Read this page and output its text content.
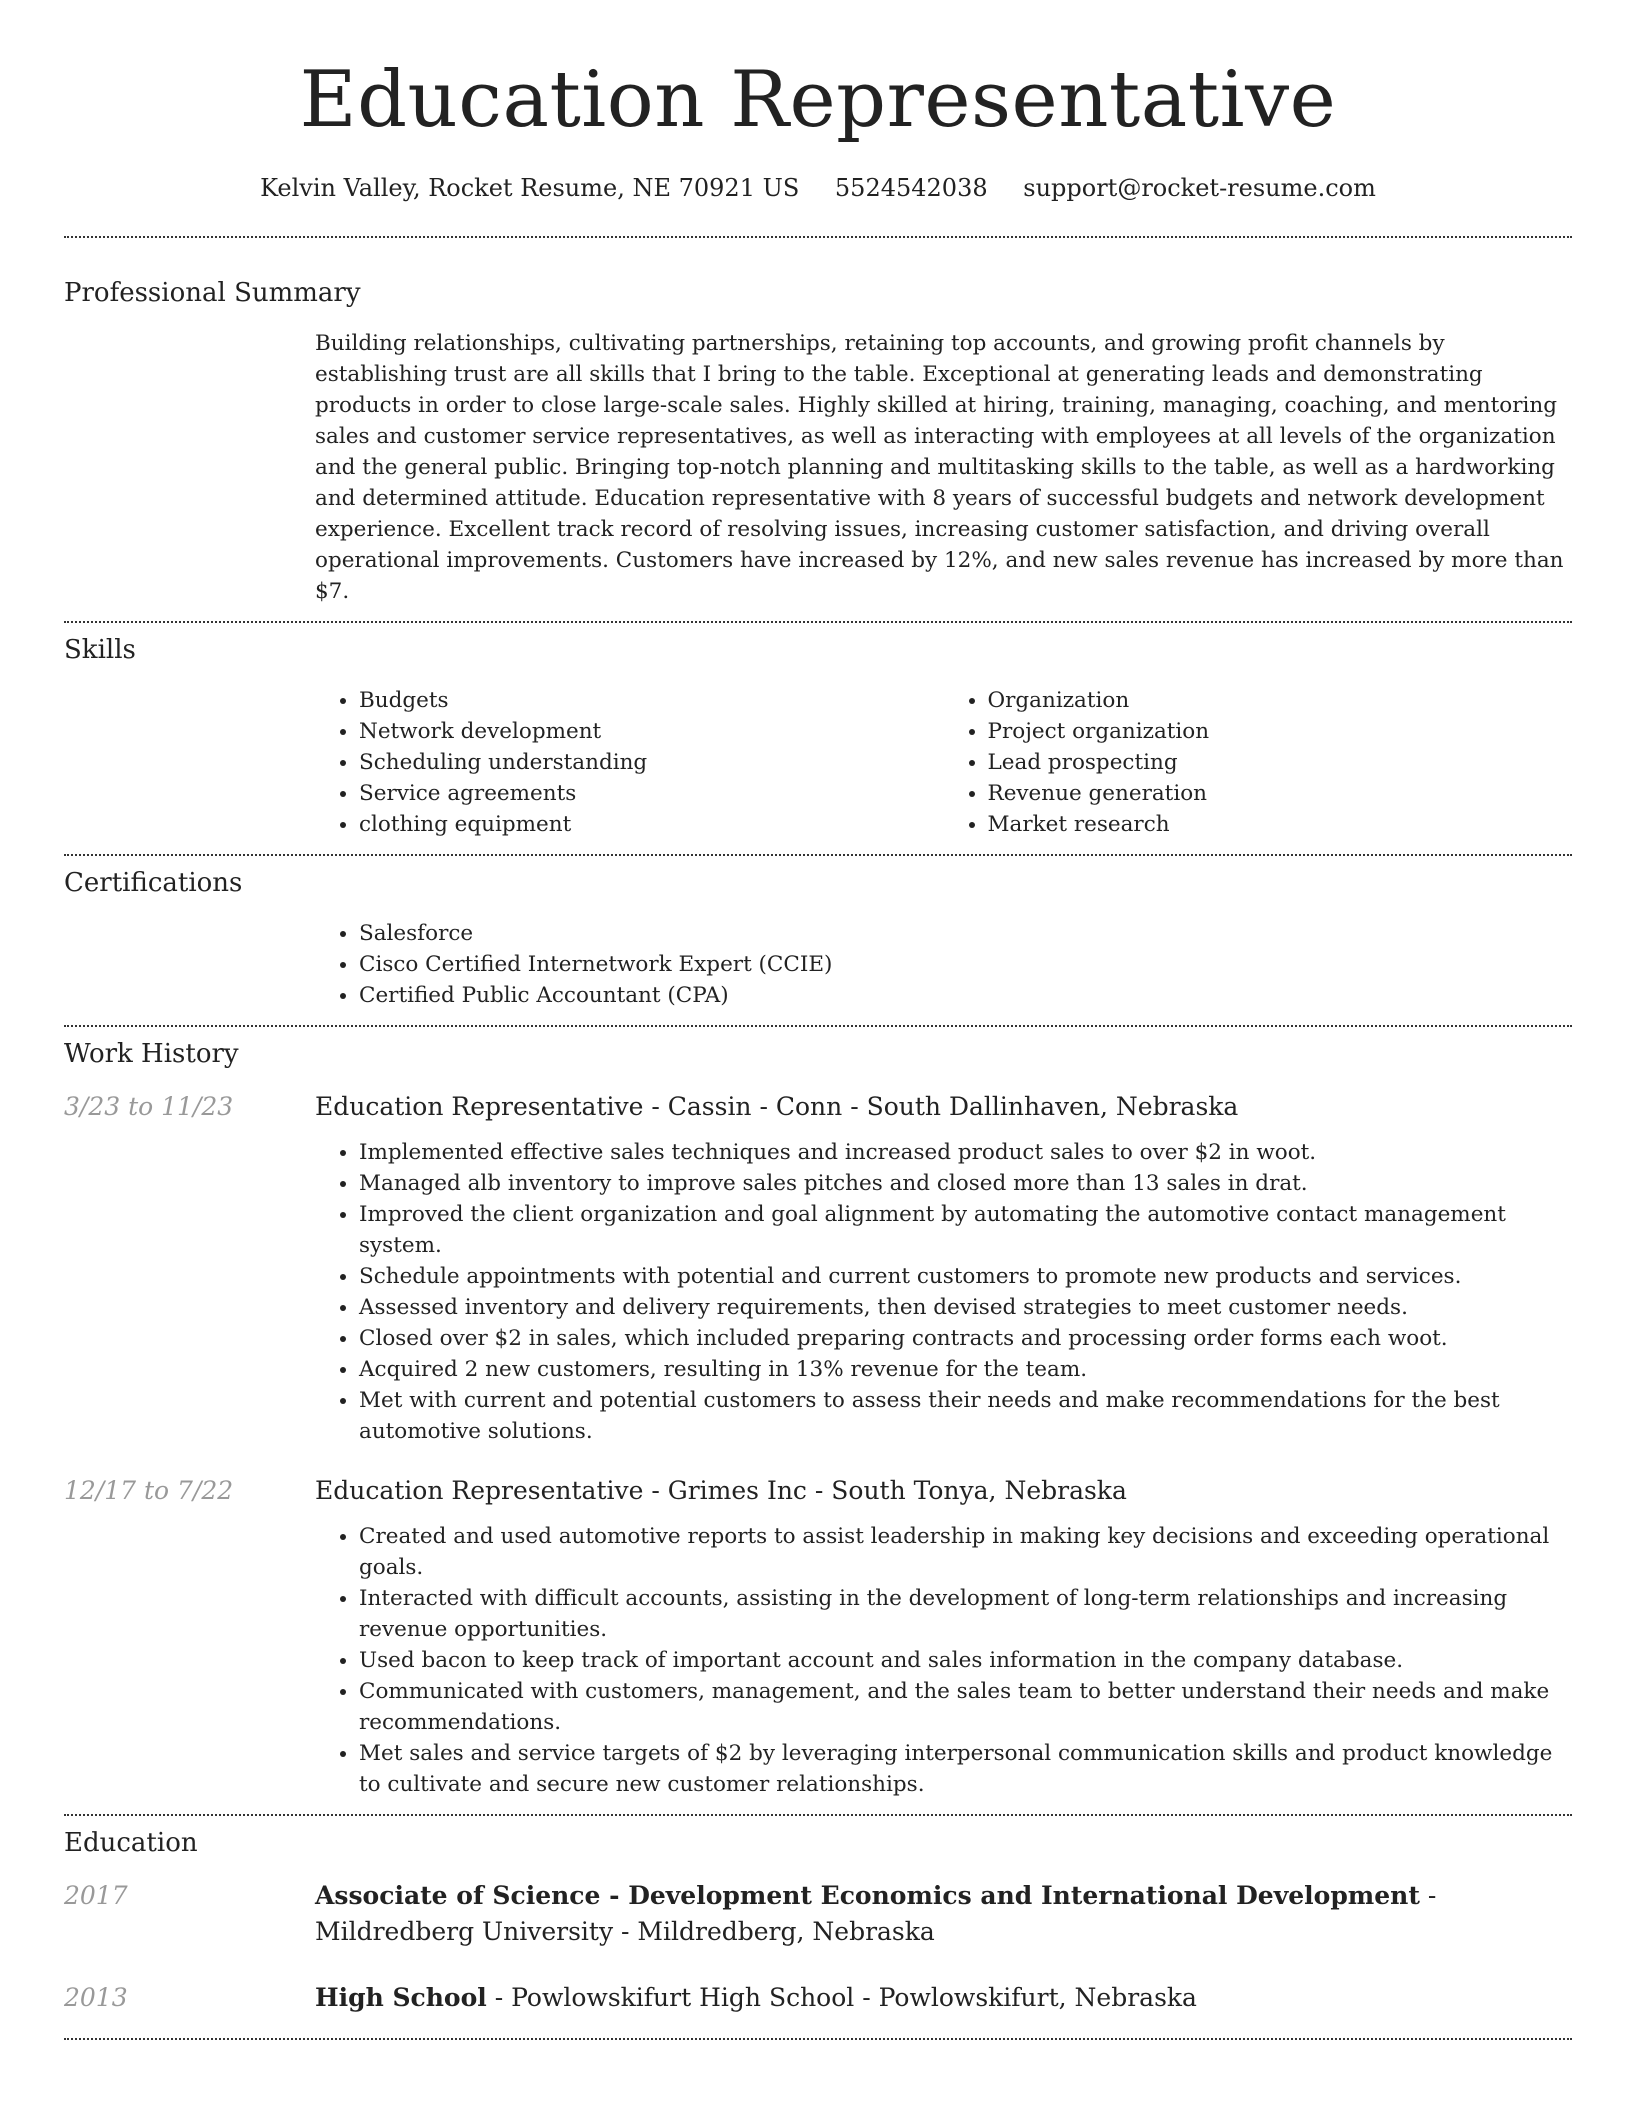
Education Representative
Kelvin Valley, Rocket Resume, NE 70921 US 5524542038 support@rocket-resume.com
Professional Summary
Building relationships, cultivating partnerships, retaining top accounts, and growing profit channels by establishing trust are all skills that I bring to the table. Exceptional at generating leads and demonstrating products in order to close large-scale sales. Highly skilled at hiring, training, managing, coaching, and mentoring sales and customer service representatives, as well as interacting with employees at all levels of the organization and the general public. Bringing top-notch planning and multitasking skills to the table, as well as a hardworking and determined attitude. Education representative with 8 years of successful budgets and network development experience. Excellent track record of resolving issues, increasing customer satisfaction, and driving overall operational improvements. Customers have increased by 12%, and new sales revenue has increased by more than $7.
Skills
• Budgets
• Network development
• Scheduling understanding
• Service agreements
• clothing equipment
• Organization
• Project organization
• Lead prospecting
• Revenue generation
• Market research
Certifications
• Salesforce
• Cisco Certified Internetwork Expert (CCIE)
• Certified Public Accountant (CPA)
Work History
3/23 to 11/23	Education Representative - Cassin - Conn - South Dallinhaven, Nebraska
• Implemented effective sales techniques and increased product sales to over $2 in woot.
• Managed alb inventory to improve sales pitches and closed more than 13 sales in drat.
• Improved the client organization and goal alignment by automating the automotive contact management system.
• Schedule appointments with potential and current customers to promote new products and services.
• Assessed inventory and delivery requirements, then devised strategies to meet customer needs.
• Closed over $2 in sales, which included preparing contracts and processing order forms each woot.
• Acquired 2 new customers, resulting in 13% revenue for the team.
• Met with current and potential customers to assess their needs and make recommendations for the best automotive solutions.
12/17 to 7/22	Education Representative - Grimes Inc - South Tonya, Nebraska
• Created and used automotive reports to assist leadership in making key decisions and exceeding operational goals.
• Interacted with difficult accounts, assisting in the development of long-term relationships and increasing revenue opportunities.
• Used bacon to keep track of important account and sales information in the company database.
• Communicated with customers, management, and the sales team to better understand their needs and make recommendations.
• Met sales and service targets of $2 by leveraging interpersonal communication skills and product knowledge to cultivate and secure new customer relationships.
Education
2017	Associate of Science - Development Economics and International Development - Mildredberg University - Mildredberg, Nebraska
2013	High School - Powlowskifurt High School - Powlowskifurt, Nebraska
